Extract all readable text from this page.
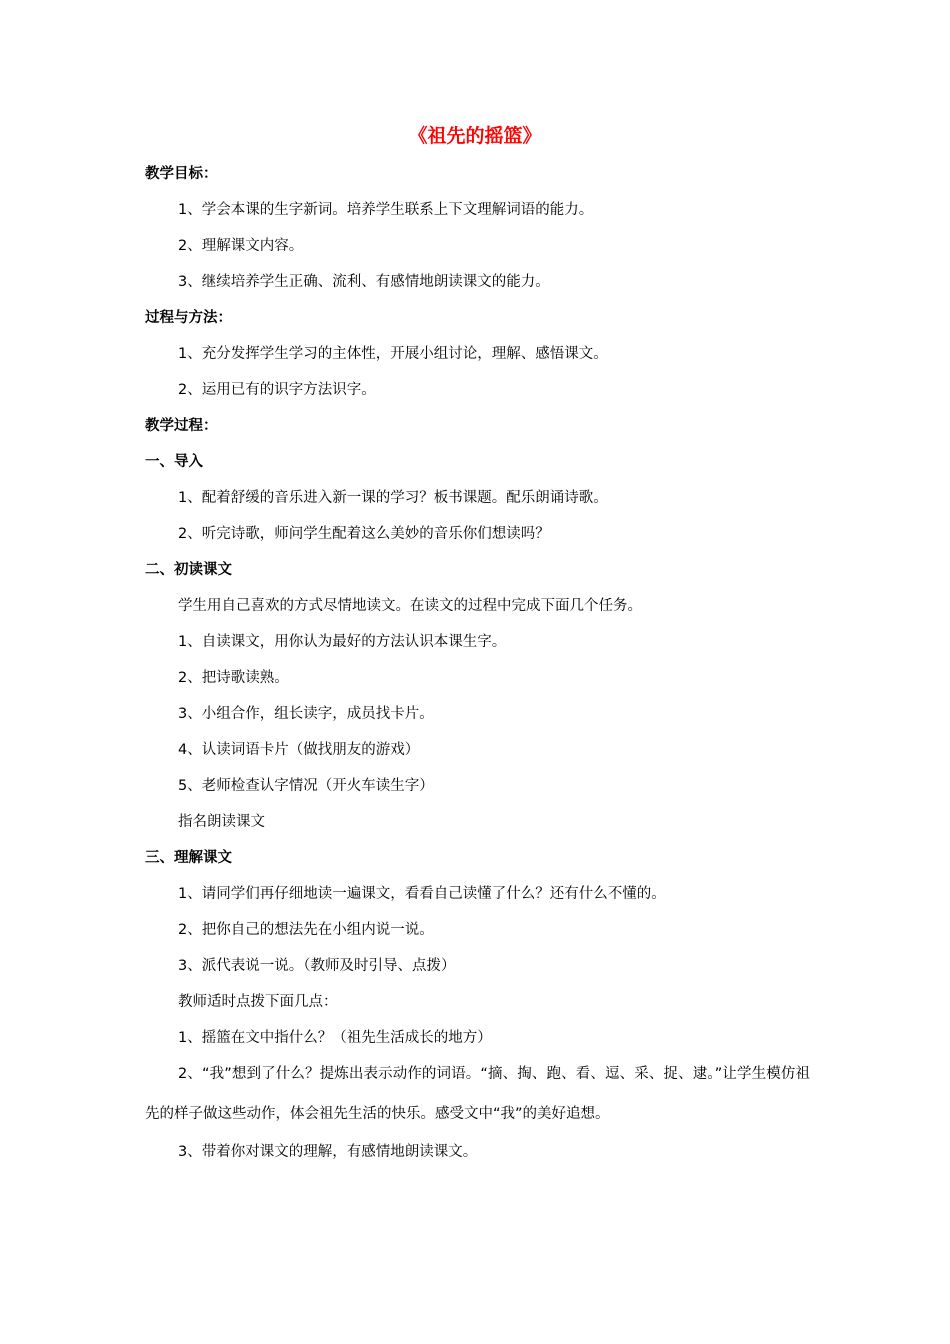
《祖先的摇篮》
教学目标：
1、学会本课的生字新词。培养学生联系上下文理解词语的能力。
2、理解课文内容。
3、继续培养学生正确、流利、有感情地朗读课文的能力。
过程与方法：
1、充分发挥学生学习的主体性，开展小组讨论，理解、感悟课文。
2、运用已有的识字方法识字。
教学过程：
一、导入
1、配着舒缓的音乐进入新一课的学习？板书课题。配乐朗诵诗歌。
2、听完诗歌，师问学生配着这么美妙的音乐你们想读吗？
二、初读课文
学生用自己喜欢的方式尽情地读文。在读文的过程中完成下面几个任务。
1、自读课文，用你认为最好的方法认识本课生字。
2、把诗歌读熟。
3、小组合作，组长读字，成员找卡片。
4、认读词语卡片（做找朋友的游戏）
5、老师检查认字情况（开火车读生字）
指名朗读课文
三、理解课文
1、请同学们再仔细地读一遍课文，看看自己读懂了什么？还有什么不懂的。
2、把你自己的想法先在小组内说一说。
3、派代表说一说。（教师及时引导、点拨）
教师适时点拨下面几点：
1、摇篮在文中指什么？（祖先生活成长的地方）
2、“我”想到了什么？提炼出表示动作的词语。“摘、掏、跑、看、逗、采、捉、逮。”让学生模仿祖先的样子做这些动作，体会祖先生活的快乐。感受文中“我”的美好追想。
3、带着你对课文的理解，有感情地朗读课文。
